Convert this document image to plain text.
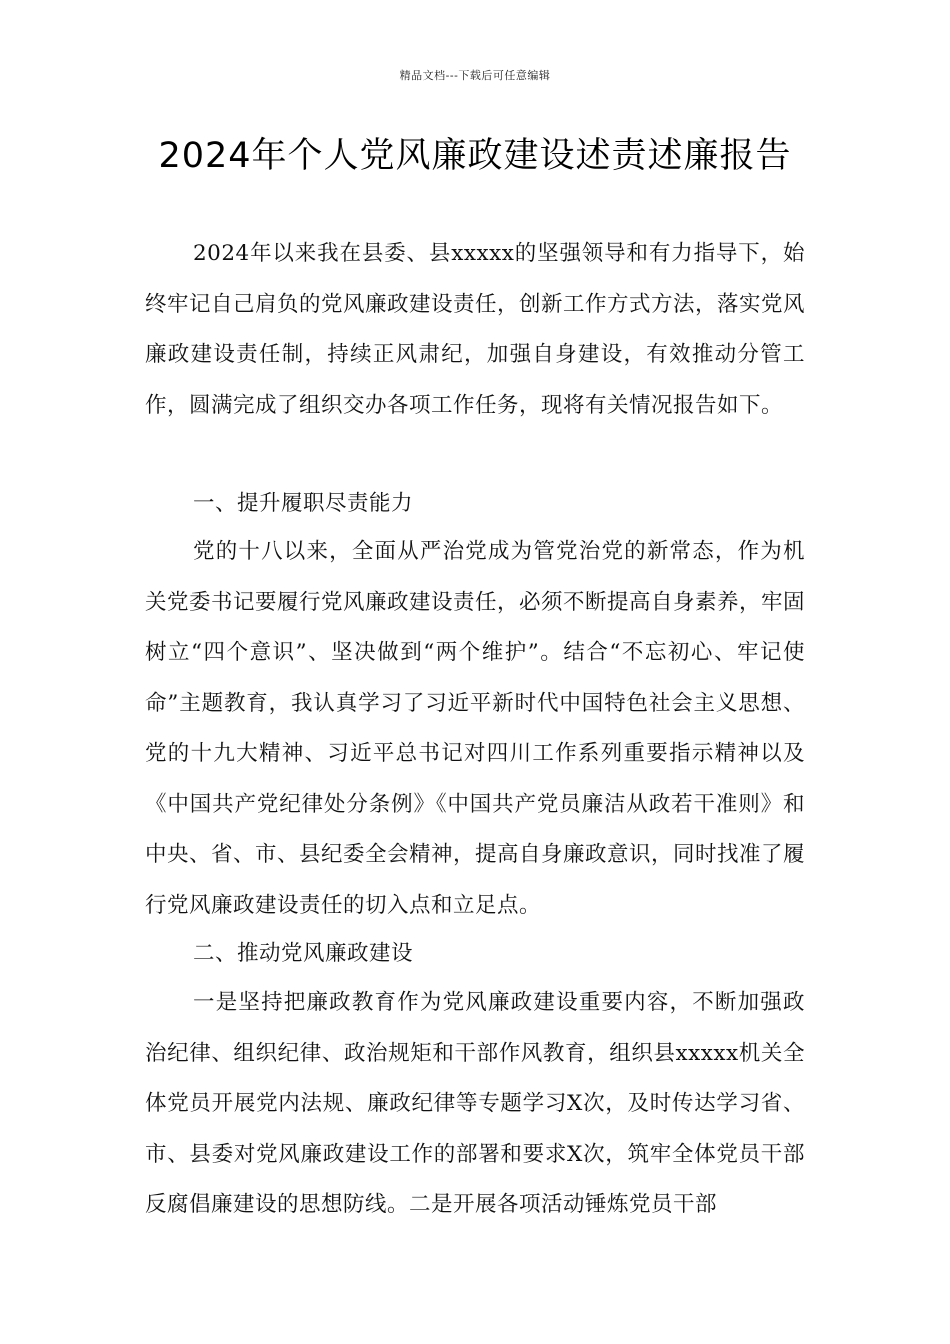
精品文档---下载后可任意编辑
2024年个人党风廉政建设述责述廉报告

2024年以来我在县委、县xxxxx的坚强领导和有力指导下，始终牢记自己肩负的党风廉政建设责任，创新工作方式方法，落实党风廉政建设责任制，持续正风肃纪，加强自身建设，有效推动分管工作，圆满完成了组织交办各项工作任务，现将有关情况报告如下。

一、提升履职尽责能力

党的十八以来，全面从严治党成为管党治党的新常态，作为机关党委书记要履行党风廉政建设责任，必须不断提高自身素养，牢固树立“四个意识”、坚决做到“两个维护”。结合“不忘初心、牢记使命”主题教育，我认真学习了习近平新时代中国特色社会主义思想、党的十九大精神、习近平总书记对四川工作系列重要指示精神以及《中国共产党纪律处分条例》《中国共产党员廉洁从政若干准则》和中央、省、市、县纪委全会精神，提高自身廉政意识，同时找准了履行党风廉政建设责任的切入点和立足点。

二、推动党风廉政建设

一是坚持把廉政教育作为党风廉政建设重要内容，不断加强政治纪律、组织纪律、政治规矩和干部作风教育，组织县xxxxx机关全体党员开展党内法规、廉政纪律等专题学习X次，及时传达学习省、市、县委对党风廉政建设工作的部署和要求X次，筑牢全体党员干部反腐倡廉建设的思想防线。二是开展各项活动锤炼党员干部
